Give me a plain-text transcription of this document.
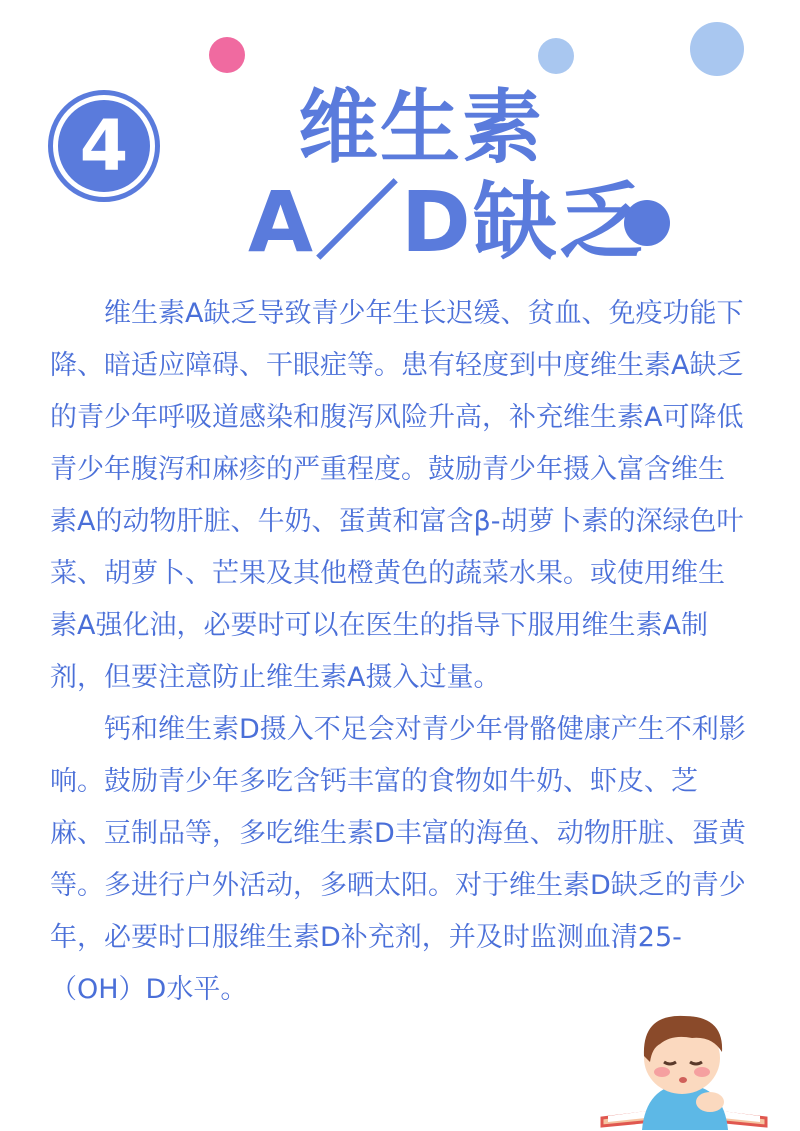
4 维生素
A／D缺乏

维生素A缺乏导致青少年生长迟缓、贫血、免疫功能下降、暗适应障碍、干眼症等。患有轻度到中度维生素A缺乏的青少年呼吸道感染和腹泻风险升高，补充维生素A可降低青少年腹泻和麻疹的严重程度。鼓励青少年摄入富含维生素A的动物肝脏、牛奶、蛋黄和富含β-胡萝卜素的深绿色叶菜、胡萝卜、芒果及其他橙黄色的蔬菜水果。或使用维生素A强化油，必要时可以在医生的指导下服用维生素A制剂，但要注意防止维生素A摄入过量。

钙和维生素D摄入不足会对青少年骨骼健康产生不利影响。鼓励青少年多吃含钙丰富的食物如牛奶、虾皮、芝麻、豆制品等，多吃维生素D丰富的海鱼、动物肝脏、蛋黄等。多进行户外活动，多晒太阳。对于维生素D缺乏的青少年，必要时口服维生素D补充剂，并及时监测血清25-（OH）D水平。
